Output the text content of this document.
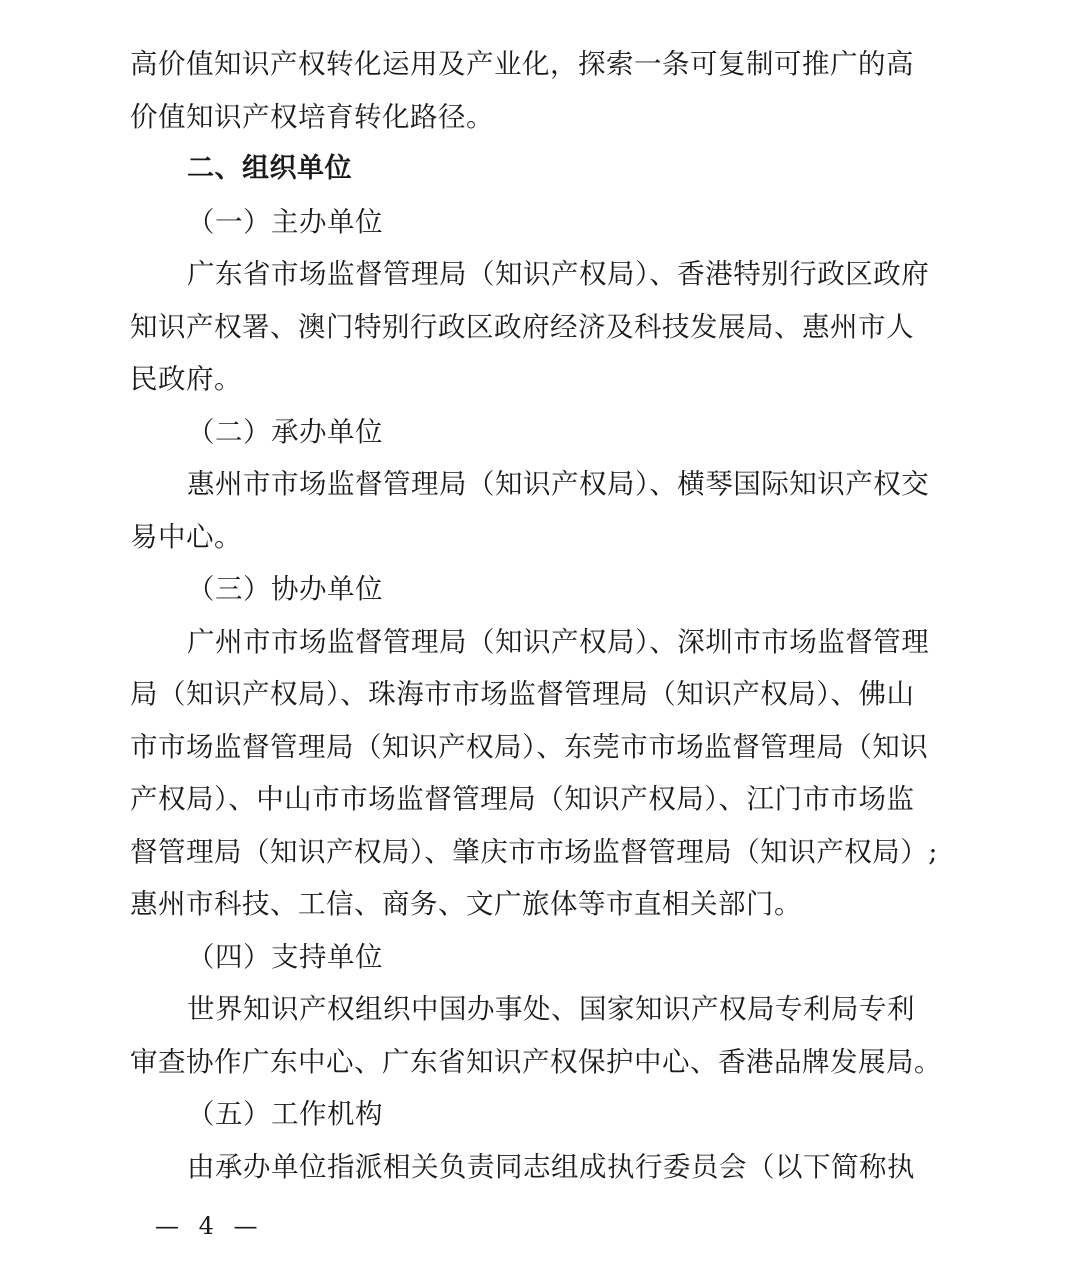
高价值知识产权转化运用及产业化，探索一条可复制可推广的高
价值知识产权培育转化路径。
二、组织单位
（一）主办单位
广东省市场监督管理局（知识产权局）、香港特别行政区政府
知识产权署、澳门特别行政区政府经济及科技发展局、惠州市人
民政府。
（二）承办单位
惠州市市场监督管理局（知识产权局）、横琴国际知识产权交
易中心。
（三）协办单位
广州市市场监督管理局（知识产权局）、深圳市市场监督管理
局（知识产权局）、珠海市市场监督管理局（知识产权局）、佛山
市市场监督管理局（知识产权局）、东莞市市场监督管理局（知识
产权局）、中山市市场监督管理局（知识产权局）、江门市市场监
督管理局（知识产权局）、肇庆市市场监督管理局（知识产权局）;
惠州市科技、工信、商务、文广旅体等市直相关部门。
（四）支持单位
世界知识产权组织中国办事处、国家知识产权局专利局专利
审查协作广东中心、广东省知识产权保护中心、香港品牌发展局。
（五）工作机构
由承办单位指派相关负责同志组成执行委员会（以下简称执
— 4 —
